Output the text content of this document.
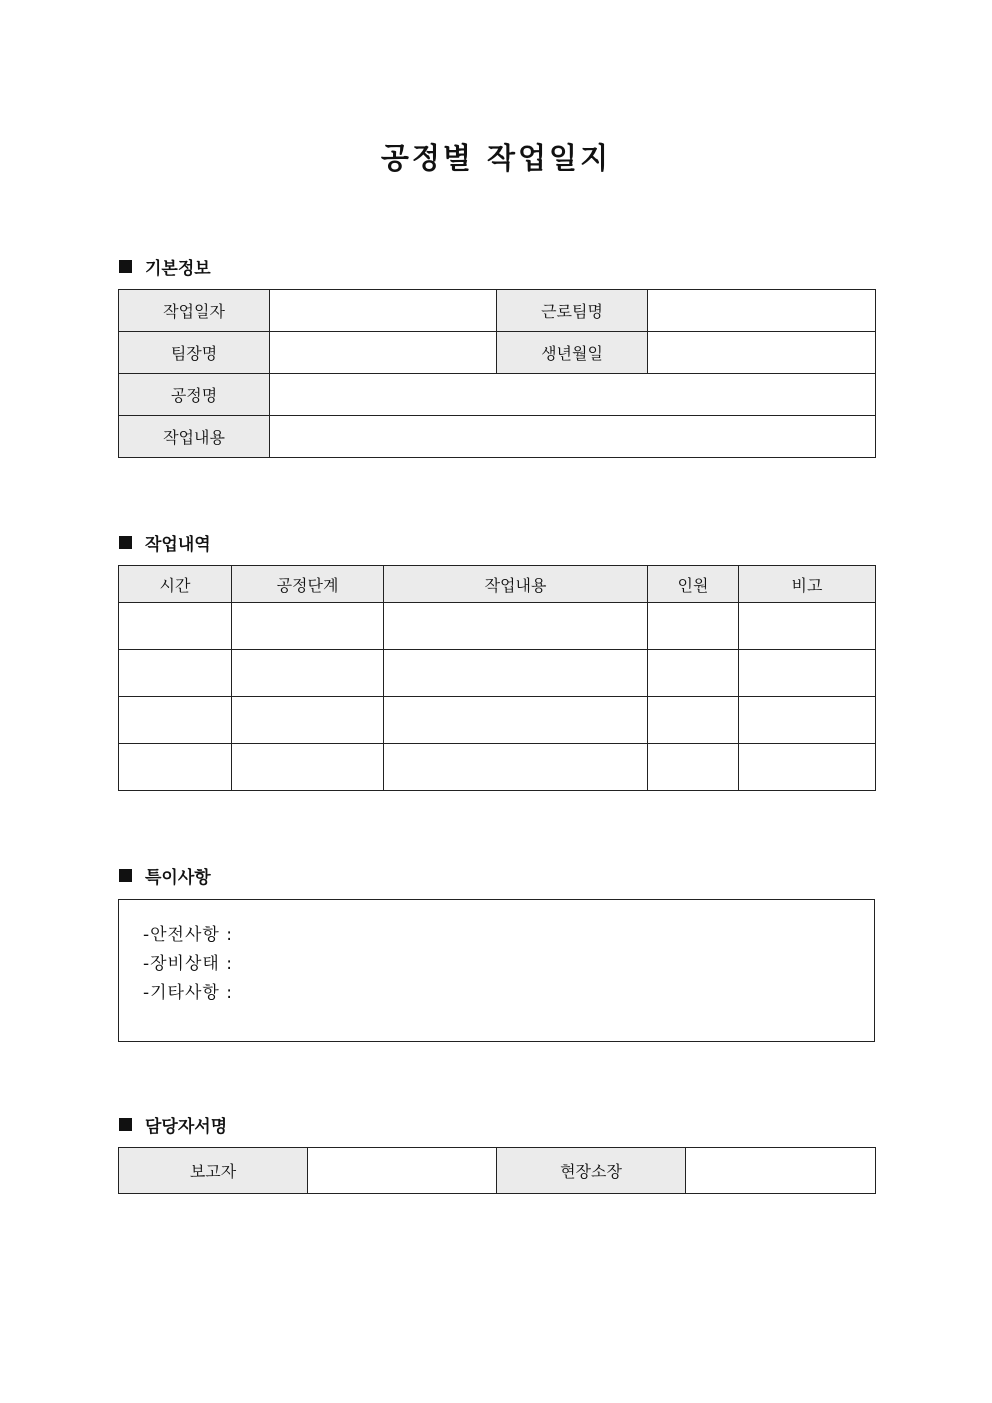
공정별 작업일지
기본정보
작업일자		근로팀명	
팀장명		생년월일	
공정명			
작업내용			
작업내역
시간	공정단계	작업내용	인원	비고

특이사항
-안전사항 :
-장비상태 :
-기타사항 :
담당자서명
보고자		현장소장	
